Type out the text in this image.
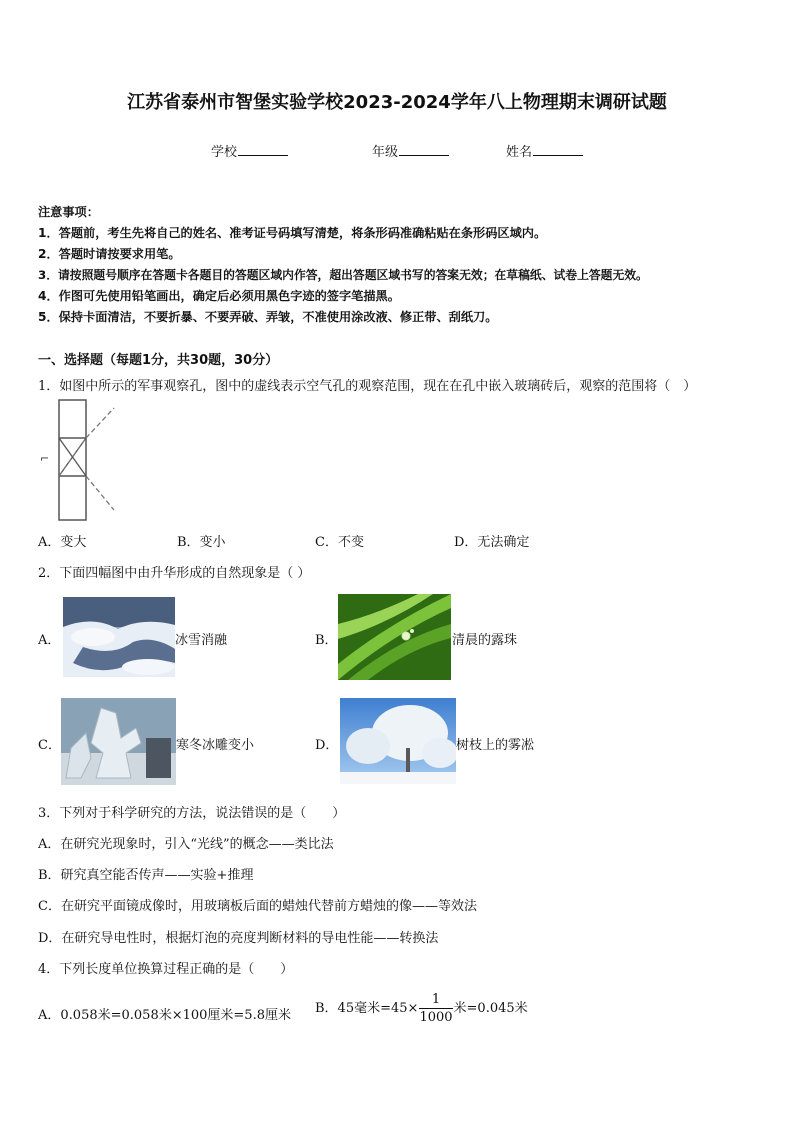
江苏省泰州市智堡实验学校2023-2024学年八上物理期末调研试题
学校	年级	姓名
注意事项：
1．答题前，考生先将自己的姓名、准考证号码填写清楚，将条形码准确粘贴在条形码区域内。
2．答题时请按要求用笔。
3．请按照题号顺序在答题卡各题目的答题区域内作答，超出答题区域书写的答案无效；在草稿纸、试卷上答题无效。
4．作图可先使用铅笔画出，确定后必须用黑色字迹的签字笔描黑。
5．保持卡面清洁，不要折暴、不要弄破、弄皱，不准使用涂改液、修正带、刮纸刀。
一、选择题（每题1分，共30题，30分）
1．如图中所示的军事观察孔，图中的虚线表示空气孔的观察范围，现在在孔中嵌入玻璃砖后，观察的范围将（　）
⌐
A．变大	B．变小	C．不变	D．无法确定
2．下面四幅图中由升华形成的自然现象是（ ）
A．	冰雪消融	B．	清晨的露珠
C．	寒冬冰雕变小	D．	树枝上的雾凇
3．下列对于科学研究的方法，说法错误的是（　　）
A．在研究光现象时，引入“光线”的概念——类比法
B．研究真空能否传声——实验+推理
C．在研究平面镜成像时，用玻璃板后面的蜡烛代替前方蜡烛的像——等效法
D．在研究导电性时，根据灯泡的亮度判断材料的导电性能——转换法
4．下列长度单位换算过程正确的是（　　）
A．0.058米=0.058米×100厘米=5.8厘米 B．45毫米$=45\times \frac{1}{1000}$ 米=0.045米
